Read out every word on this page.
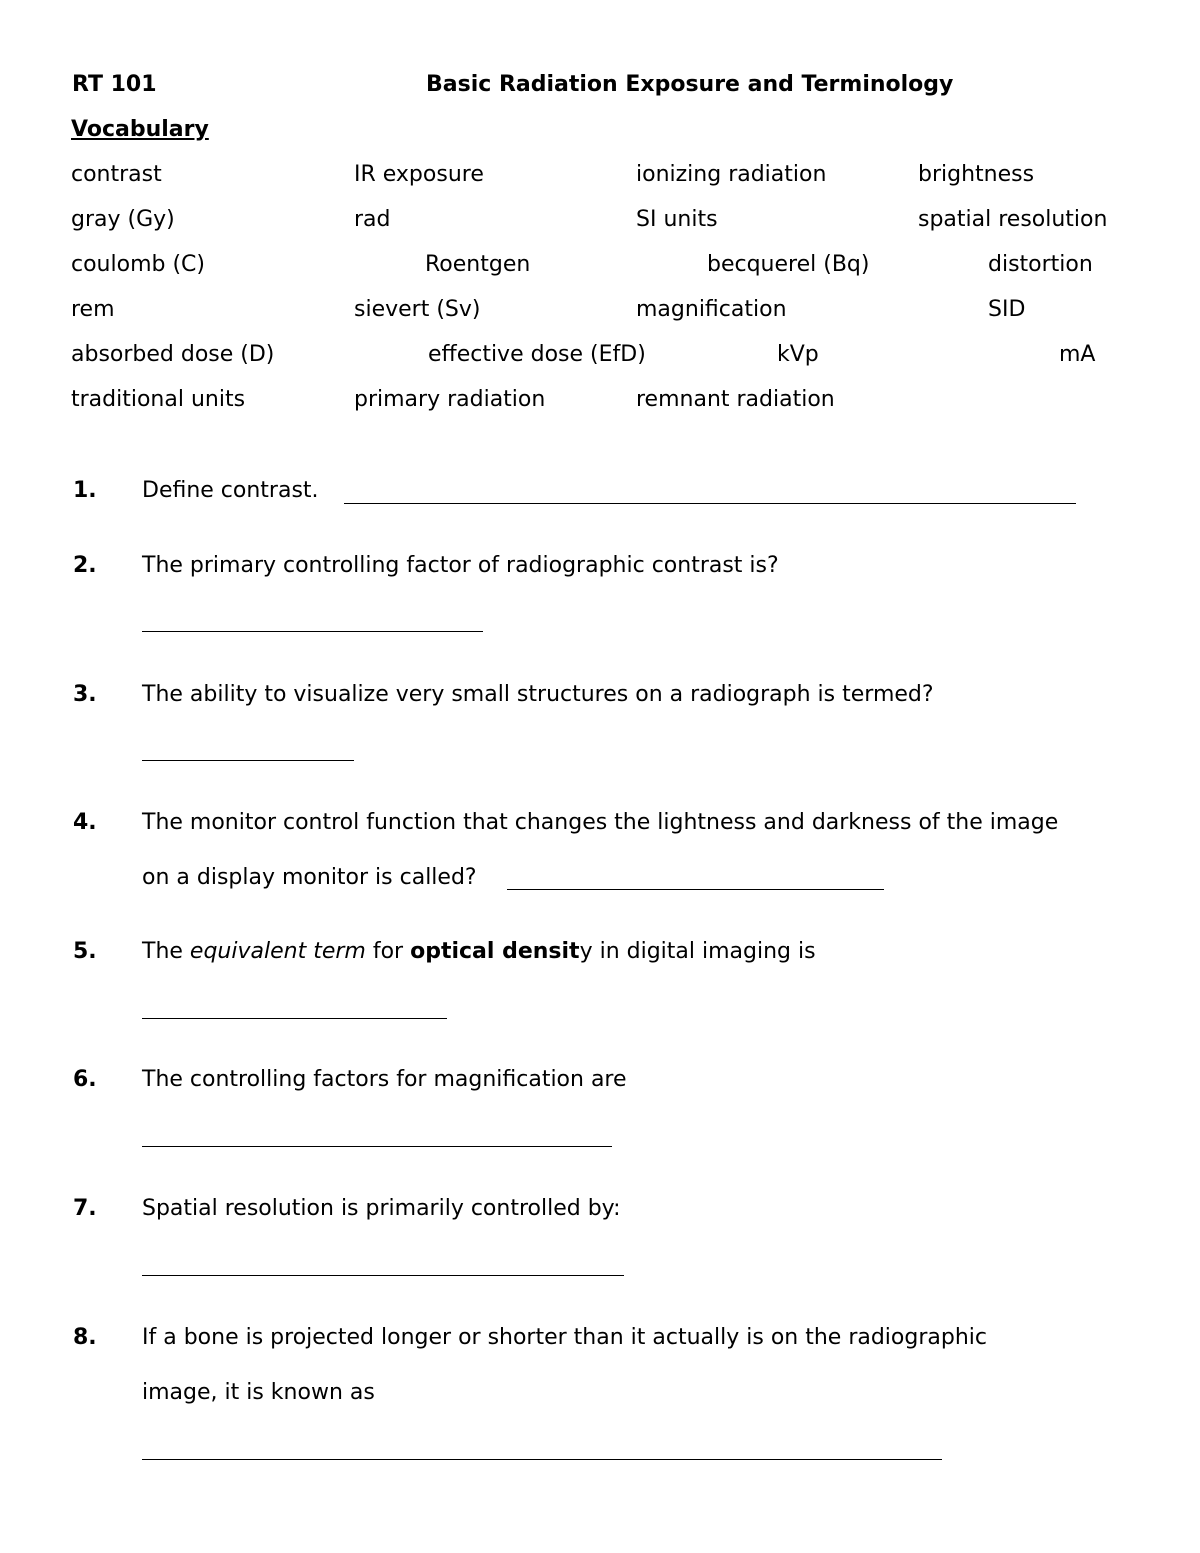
RT 101	Basic Radiation Exposure and Terminology
Vocabulary
contrast	IR exposure	ionizing radiation	brightness
gray (Gy)	rad	SI units	spatial resolution
coulomb (C)	Roentgen	becquerel (Bq)	distortion
rem	sievert (Sv)	magnification	SID
absorbed dose (D)	effective dose (EfD)	kVp	mA
traditional units	primary radiation	remnant radiation
1. Define contrast.
2. The primary controlling factor of radiographic contrast is?
3. The ability to visualize very small structures on a radiograph is termed?
4. The monitor control function that changes the lightness and darkness of the image
on a display monitor is called?
5. The equivalent term for optical density in digital imaging is
6. The controlling factors for magnification are
7. Spatial resolution is primarily controlled by:
8. If a bone is projected longer or shorter than it actually is on the radiographic
image, it is known as
